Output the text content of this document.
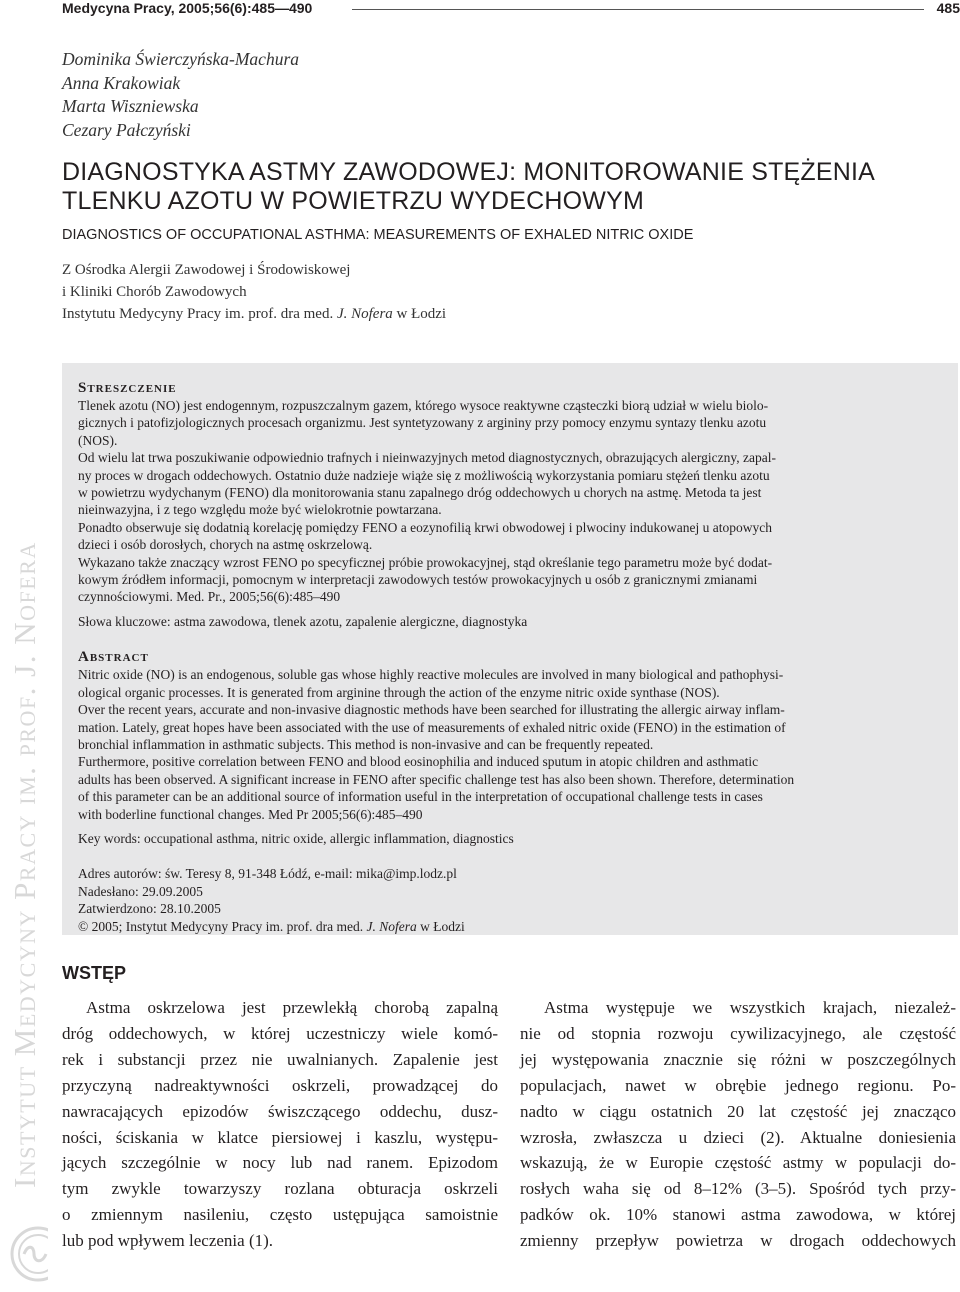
Medycyna Pracy, 2005;56(6):485—490	485
Dominika Świerczyńska-Machura
Anna Krakowiak
Marta Wiszniewska
Cezary Pałczyński
DIAGNOSTYKA ASTMY ZAWODOWEJ: MONITOROWANIE STĘŻENIA
TLENKU AZOTU W POWIETRZU WYDECHOWYM
DIAGNOSTICS OF OCCUPATIONAL ASTHMA: MEASUREMENTS OF EXHALED NITRIC OXIDE
Z Ośrodka Alergii Zawodowej i Środowiskowej
i Kliniki Chorób Zawodowych
Instytutu Medycyny Pracy im. prof. dra med. J. Nofera w Łodzi

Streszczenie

Tlenek azotu (NO) jest endogennym, rozpuszczalnym gazem, którego wysoce reaktywne cząsteczki biorą udział w wielu biolo-
gicznych i patofizjologicznych procesach organizmu. Jest syntetyzowany z argininy przy pomocy enzymu syntazy tlenku azotu
(NOS).
Od wielu lat trwa poszukiwanie odpowiednio trafnych i nieinwazyjnych metod diagnostycznych, obrazujących alergiczny, zapal-
ny proces w drogach oddechowych. Ostatnio duże nadzieje wiąże się z możliwością wykorzystania pomiaru stężeń tlenku azotu
w powietrzu wydychanym (FENO) dla monitorowania stanu zapalnego dróg oddechowych u chorych na astmę. Metoda ta jest
nieinwazyjna, i z tego względu może być wielokrotnie powtarzana.
Ponadto obserwuje się dodatnią korelację pomiędzy FENO a eozynofilią krwi obwodowej i plwociny indukowanej u atopowych
dzieci i osób dorosłych, chorych na astmę oskrzelową.
Wykazano także znaczący wzrost FENO po specyficznej próbie prowokacyjnej, stąd określanie tego parametru może być dodat-
kowym źródłem informacji, pomocnym w interpretacji zawodowych testów prowokacyjnych u osób z granicznymi zmianami
czynnościowymi. Med. Pr., 2005;56(6):485–490
Słowa kluczowe: astma zawodowa, tlenek azotu, zapalenie alergiczne, diagnostyka

Abstract

Nitric oxide (NO) is an endogenous, soluble gas whose highly reactive molecules are involved in many biological and pathophysi-
ological organic processes. It is generated from arginine through the action of the enzyme nitric oxide synthase (NOS).
Over the recent years, accurate and non-invasive diagnostic methods have been searched for illustrating the allergic airway inflam-
mation. Lately, great hopes have been associated with the use of measurements of exhaled nitric oxide (FENO) in the estimation of
bronchial inflammation in asthmatic subjects. This method is non-invasive and can be frequently repeated.
Furthermore, positive correlation between FENO and blood eosinophilia and induced sputum in atopic children and asthmatic
adults has been observed. A significant increase in FENO after specific challenge test has also been shown. Therefore, determination
of this parameter can be an additional source of information useful in the interpretation of occupational challenge tests in cases
with boderline functional changes. Med Pr 2005;56(6):485–490
Key words: occupational asthma, nitric oxide, allergic inflammation, diagnostics
Adres autorów: św. Teresy 8, 91-348 Łódź, e-mail: mika@imp.lodz.pl
Nadesłano: 29.09.2005
Zatwierdzono: 28.10.2005
© 2005; Instytut Medycyny Pracy im. prof. dra med. J. Nofera w Łodzi
Instytut Medycyny Pracy im. prof. J. Nofera WSTĘP
Astma oskrzelowa jest przewlekłą chorobą zapalną
dróg oddechowych, w której uczestniczy wiele komó-
rek i substancji przez nie uwalnianych. Zapalenie jest
przyczyną nadreaktywności oskrzeli, prowadzącej do
nawracających epizodów świszczącego oddechu, dusz-
ności, ściskania w klatce piersiowej i kaszlu, występu-
jących szczególnie w nocy lub nad ranem. Epizodom
tym zwykle towarzyszy rozlana obturacja oskrzeli
o zmiennym nasileniu, często ustępująca samoistnie
lub pod wpływem leczenia (1).
Astma występuje we wszystkich krajach, niezależ-
nie od stopnia rozwoju cywilizacyjnego, ale częstość
jej występowania znacznie się różni w poszczególnych
populacjach, nawet w obrębie jednego regionu. Po-
nadto w ciągu ostatnich 20 lat częstość jej znacząco
wzrosła, zwłaszcza u dzieci (2). Aktualne doniesienia
wskazują, że w Europie częstość astmy w populacji do-
rosłych waha się od 8–12% (3–5). Spośród tych przy-
padków ok. 10% stanowi astma zawodowa, w której
zmienny przepływ powietrza w drogach oddechowych
